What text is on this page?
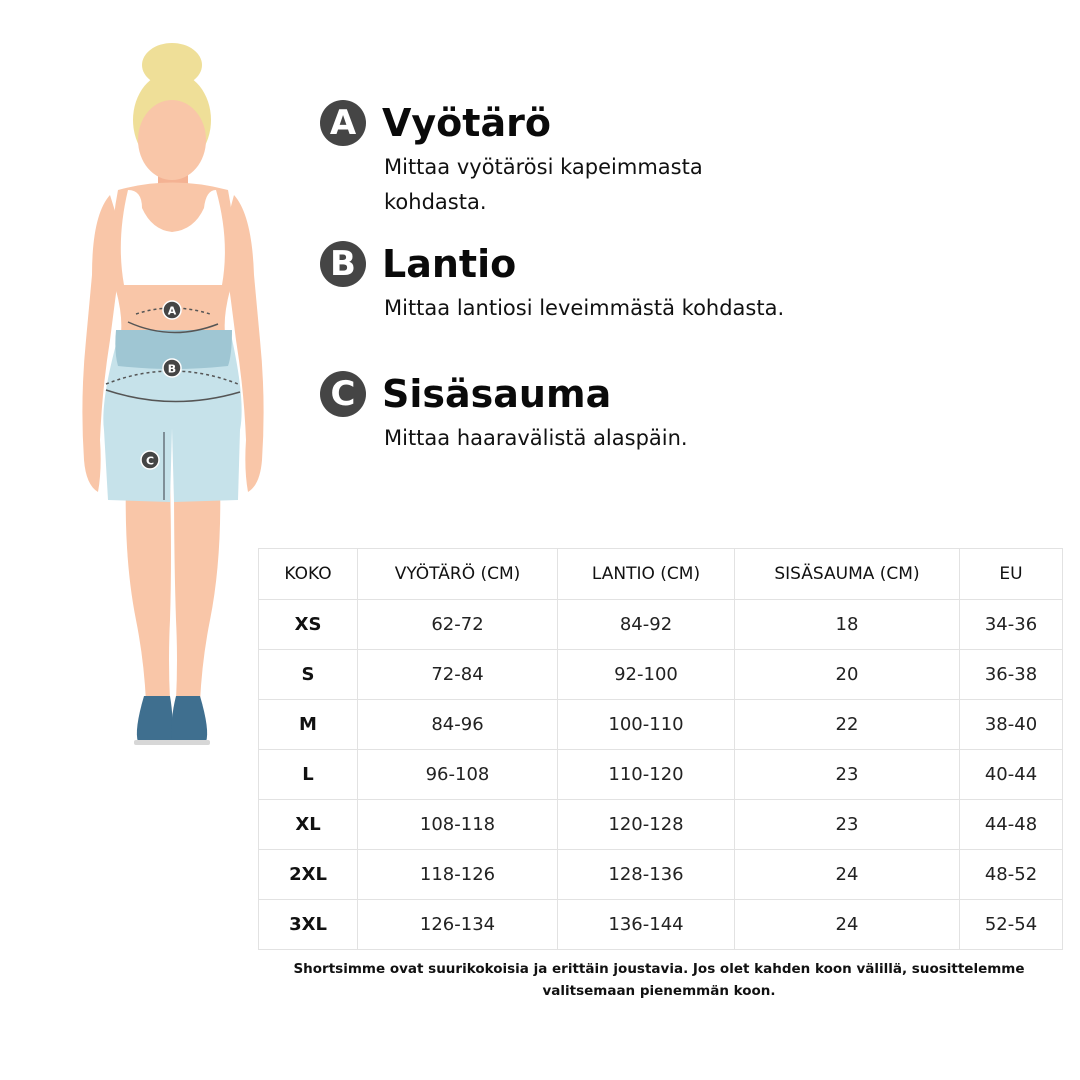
A
B
C
A Vyötärö
Mittaa vyötärösi kapeimmasta kohdasta.
B Lantio
Mittaa lantiosi leveimmästä kohdasta.
C Sisäsauma
Mittaa haaravälistä alaspäin.
KOKO	VYÖTÄRÖ (CM)	LANTIO (CM)	SISÄSAUMA (CM)	EU
XS	62-72	84-92	18	34-36
S	72-84	92-100	20	36-38
M	84-96	100-110	22	38-40
L	96-108	110-120	23	40-44
XL	108-118	120-128	23	44-48
2XL	118-126	128-136	24	48-52
3XL	126-134	136-144	24	52-54
Shortsimme ovat suurikokoisia ja erittäin joustavia. Jos olet kahden koon välillä, suosittelemme valitsemaan pienemmän koon.
